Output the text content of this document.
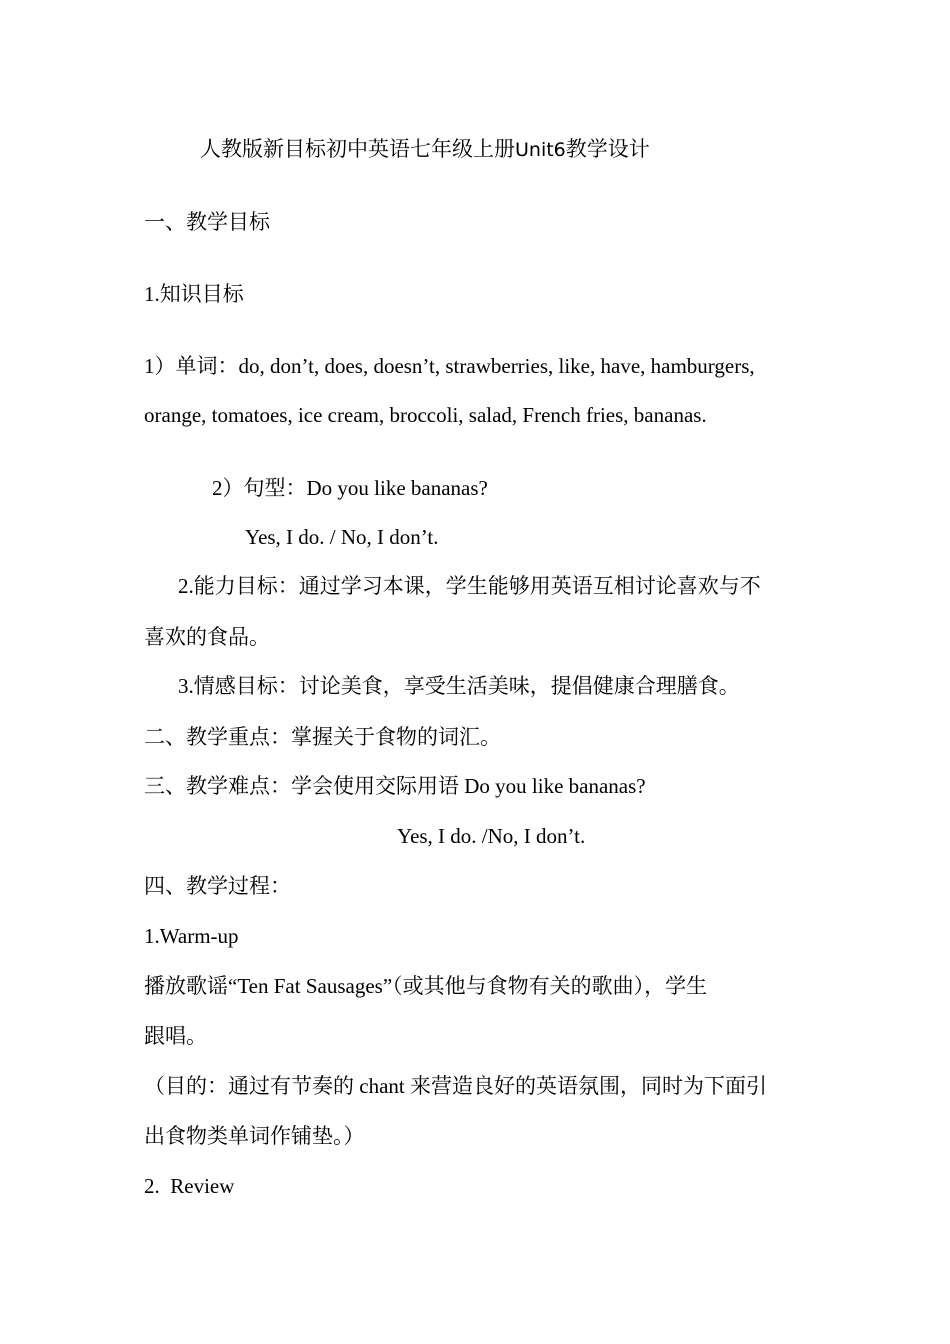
人教版新目标初中英语七年级上册Unit6教学设计
一、教学目标
1.知识目标
1）单词：do, don’t, does, doesn’t, strawberries, like, have, hamburgers,
orange, tomatoes, ice cream, broccoli, salad, French fries, bananas.
2）句型：Do you like bananas?
Yes, I do. / No, I don’t.
2.能力目标：通过学习本课，学生能够用英语互相讨论喜欢与不
喜欢的食品。
3.情感目标：讨论美食，享受生活美味，提倡健康合理膳食。
二、教学重点：掌握关于食物的词汇。
三、教学难点：学会使用交际用语 Do you like bananas?
Yes, I do. /No, I don’t.
四、教学过程：
1.Warm-up
播放歌谣“Ten Fat Sausages”（或其他与食物有关的歌曲），学生
跟唱。
（目的：通过有节奏的 chant 来营造良好的英语氛围，同时为下面引
出食物类单词作铺垫。）
2.  Review
